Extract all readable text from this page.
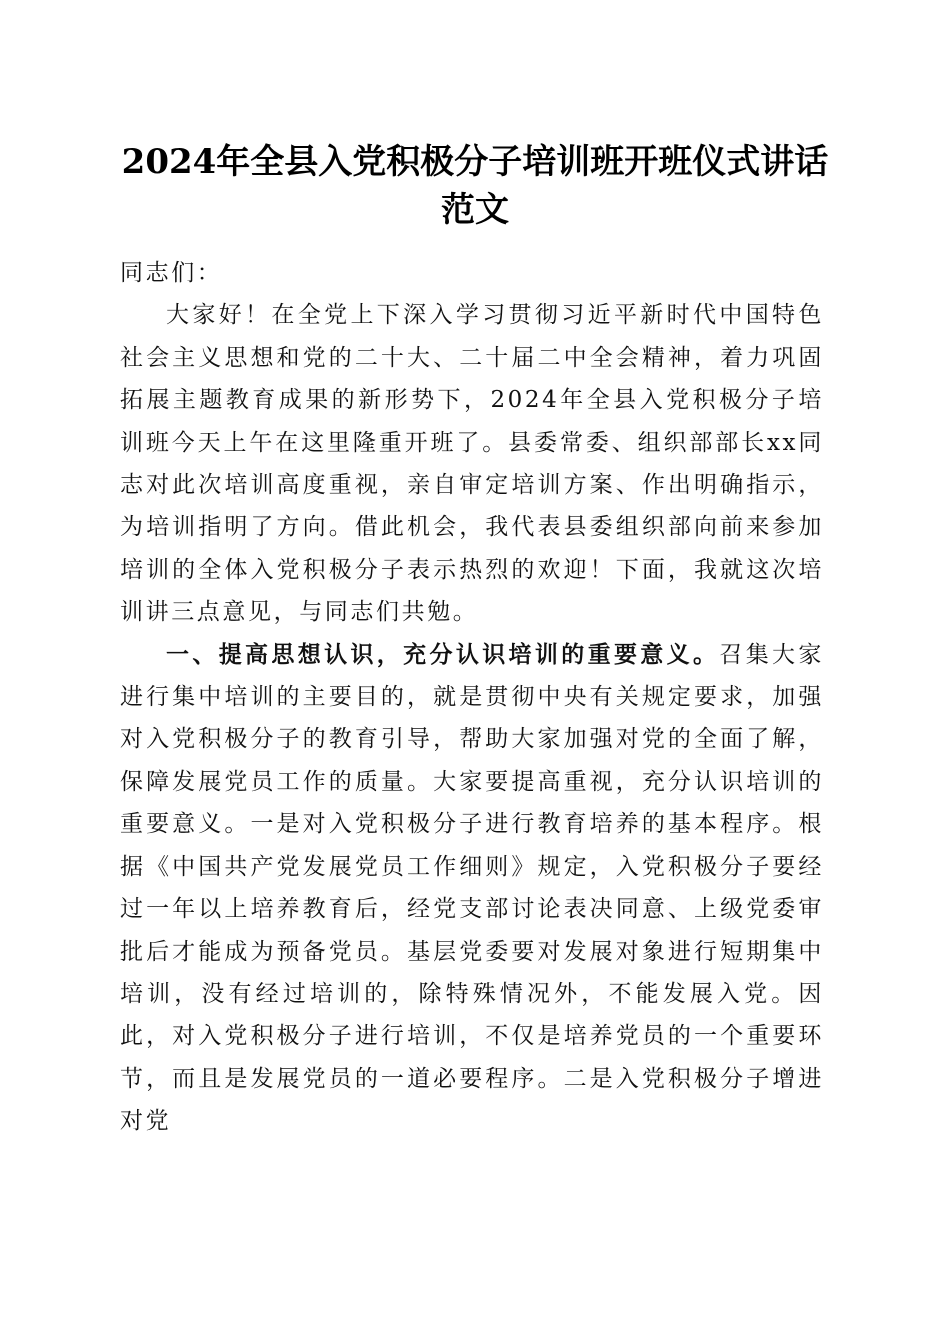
2024年全县入党积极分子培训班开班仪式讲话范文

同志们：

大家好！在全党上下深入学习贯彻习近平新时代中国特色社会主义思想和党的二十大、二十届二中全会精神，着力巩固拓展主题教育成果的新形势下，2024年全县入党积极分子培训班今天上午在这里隆重开班了。县委常委、组织部部长xx同志对此次培训高度重视，亲自审定培训方案、作出明确指示，为培训指明了方向。借此机会，我代表县委组织部向前来参加培训的全体入党积极分子表示热烈的欢迎！下面，我就这次培训讲三点意见，与同志们共勉。

一、提高思想认识，充分认识培训的重要意义。召集大家进行集中培训的主要目的，就是贯彻中央有关规定要求，加强对入党积极分子的教育引导，帮助大家加强对党的全面了解，保障发展党员工作的质量。大家要提高重视，充分认识培训的重要意义。一是对入党积极分子进行教育培养的基本程序。根据《中国共产党发展党员工作细则》规定，入党积极分子要经过一年以上培养教育后，经党支部讨论表决同意、上级党委审批后才能成为预备党员。基层党委要对发展对象进行短期集中培训，没有经过培训的，除特殊情况外，不能发展入党。因此，对入党积极分子进行培训，不仅是培养党员的一个重要环节，而且是发展党员的一道必要程序。二是入党积极分子增进对党
